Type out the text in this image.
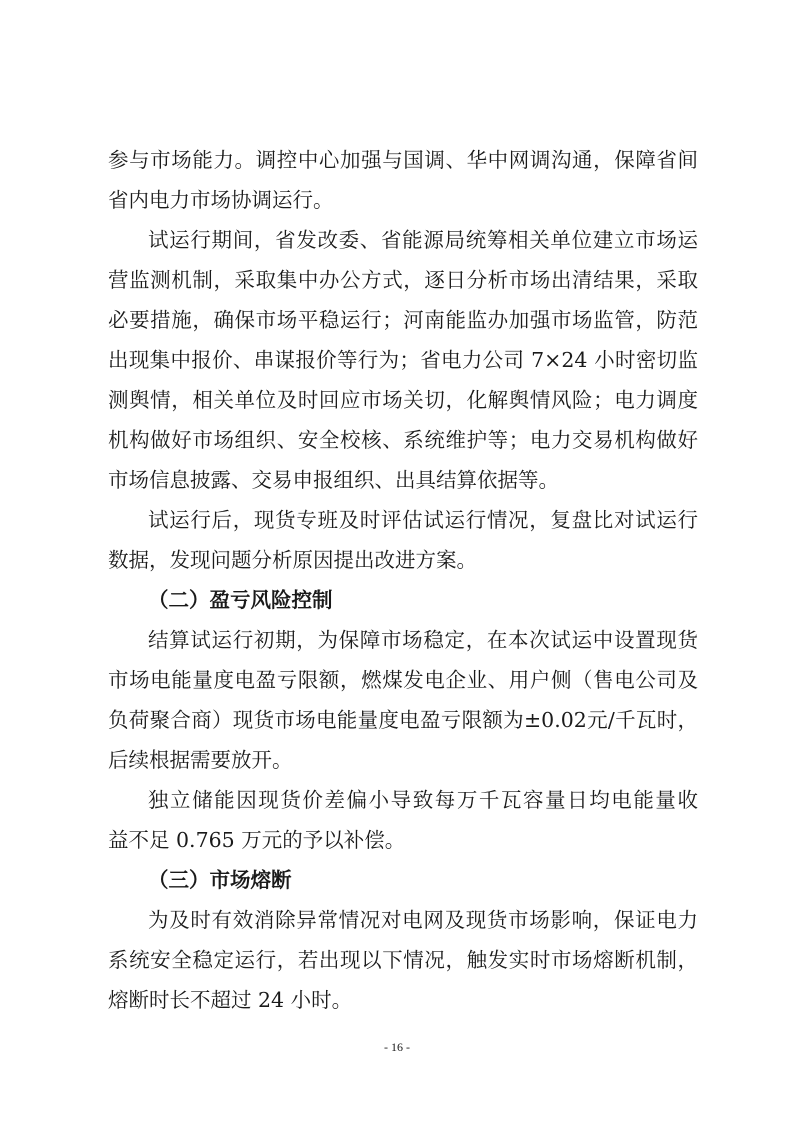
参与市场能力。调控中心加强与国调、华中网调沟通，保障省间
省内电力市场协调运行。
试运行期间，省发改委、省能源局统筹相关单位建立市场运
营监测机制，采取集中办公方式，逐日分析市场出清结果，采取
必要措施，确保市场平稳运行；河南能监办加强市场监管，防范
出现集中报价、串谋报价等行为；省电力公司 7×24 小时密切监
测舆情，相关单位及时回应市场关切，化解舆情风险；电力调度
机构做好市场组织、安全校核、系统维护等；电力交易机构做好
市场信息披露、交易申报组织、出具结算依据等。
试运行后，现货专班及时评估试运行情况，复盘比对试运行
数据，发现问题分析原因提出改进方案。
（二）盈亏风险控制
结算试运行初期，为保障市场稳定，在本次试运中设置现货
市场电能量度电盈亏限额，燃煤发电企业、用户侧（售电公司及
负荷聚合商）现货市场电能量度电盈亏限额为±0.02元/千瓦时，
后续根据需要放开。
独立储能因现货价差偏小导致每万千瓦容量日均电能量收
益不足 0.765 万元的予以补偿。
（三）市场熔断
为及时有效消除异常情况对电网及现货市场影响，保证电力
系统安全稳定运行，若出现以下情况，触发实时市场熔断机制，
熔断时长不超过 24 小时。
- 16 -
